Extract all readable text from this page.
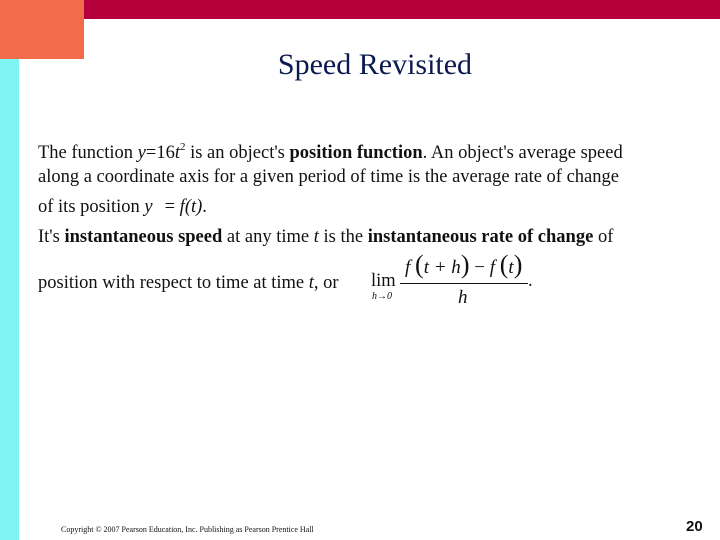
Speed Revisited
The function $y=16t^2$ is an object's position function. An object's average speed
along a coordinate axis for a given period of time is the average rate of change
of its position y = f(t).
It's instantaneous speed at any time t is the instantaneous rate of change of
position with respect to time at time t, or lim
h→0
f (t + h) − f (t)
h
.
Copyright © 2007 Pearson Education, Inc. Publishing as Pearson Prentice Hall	20
